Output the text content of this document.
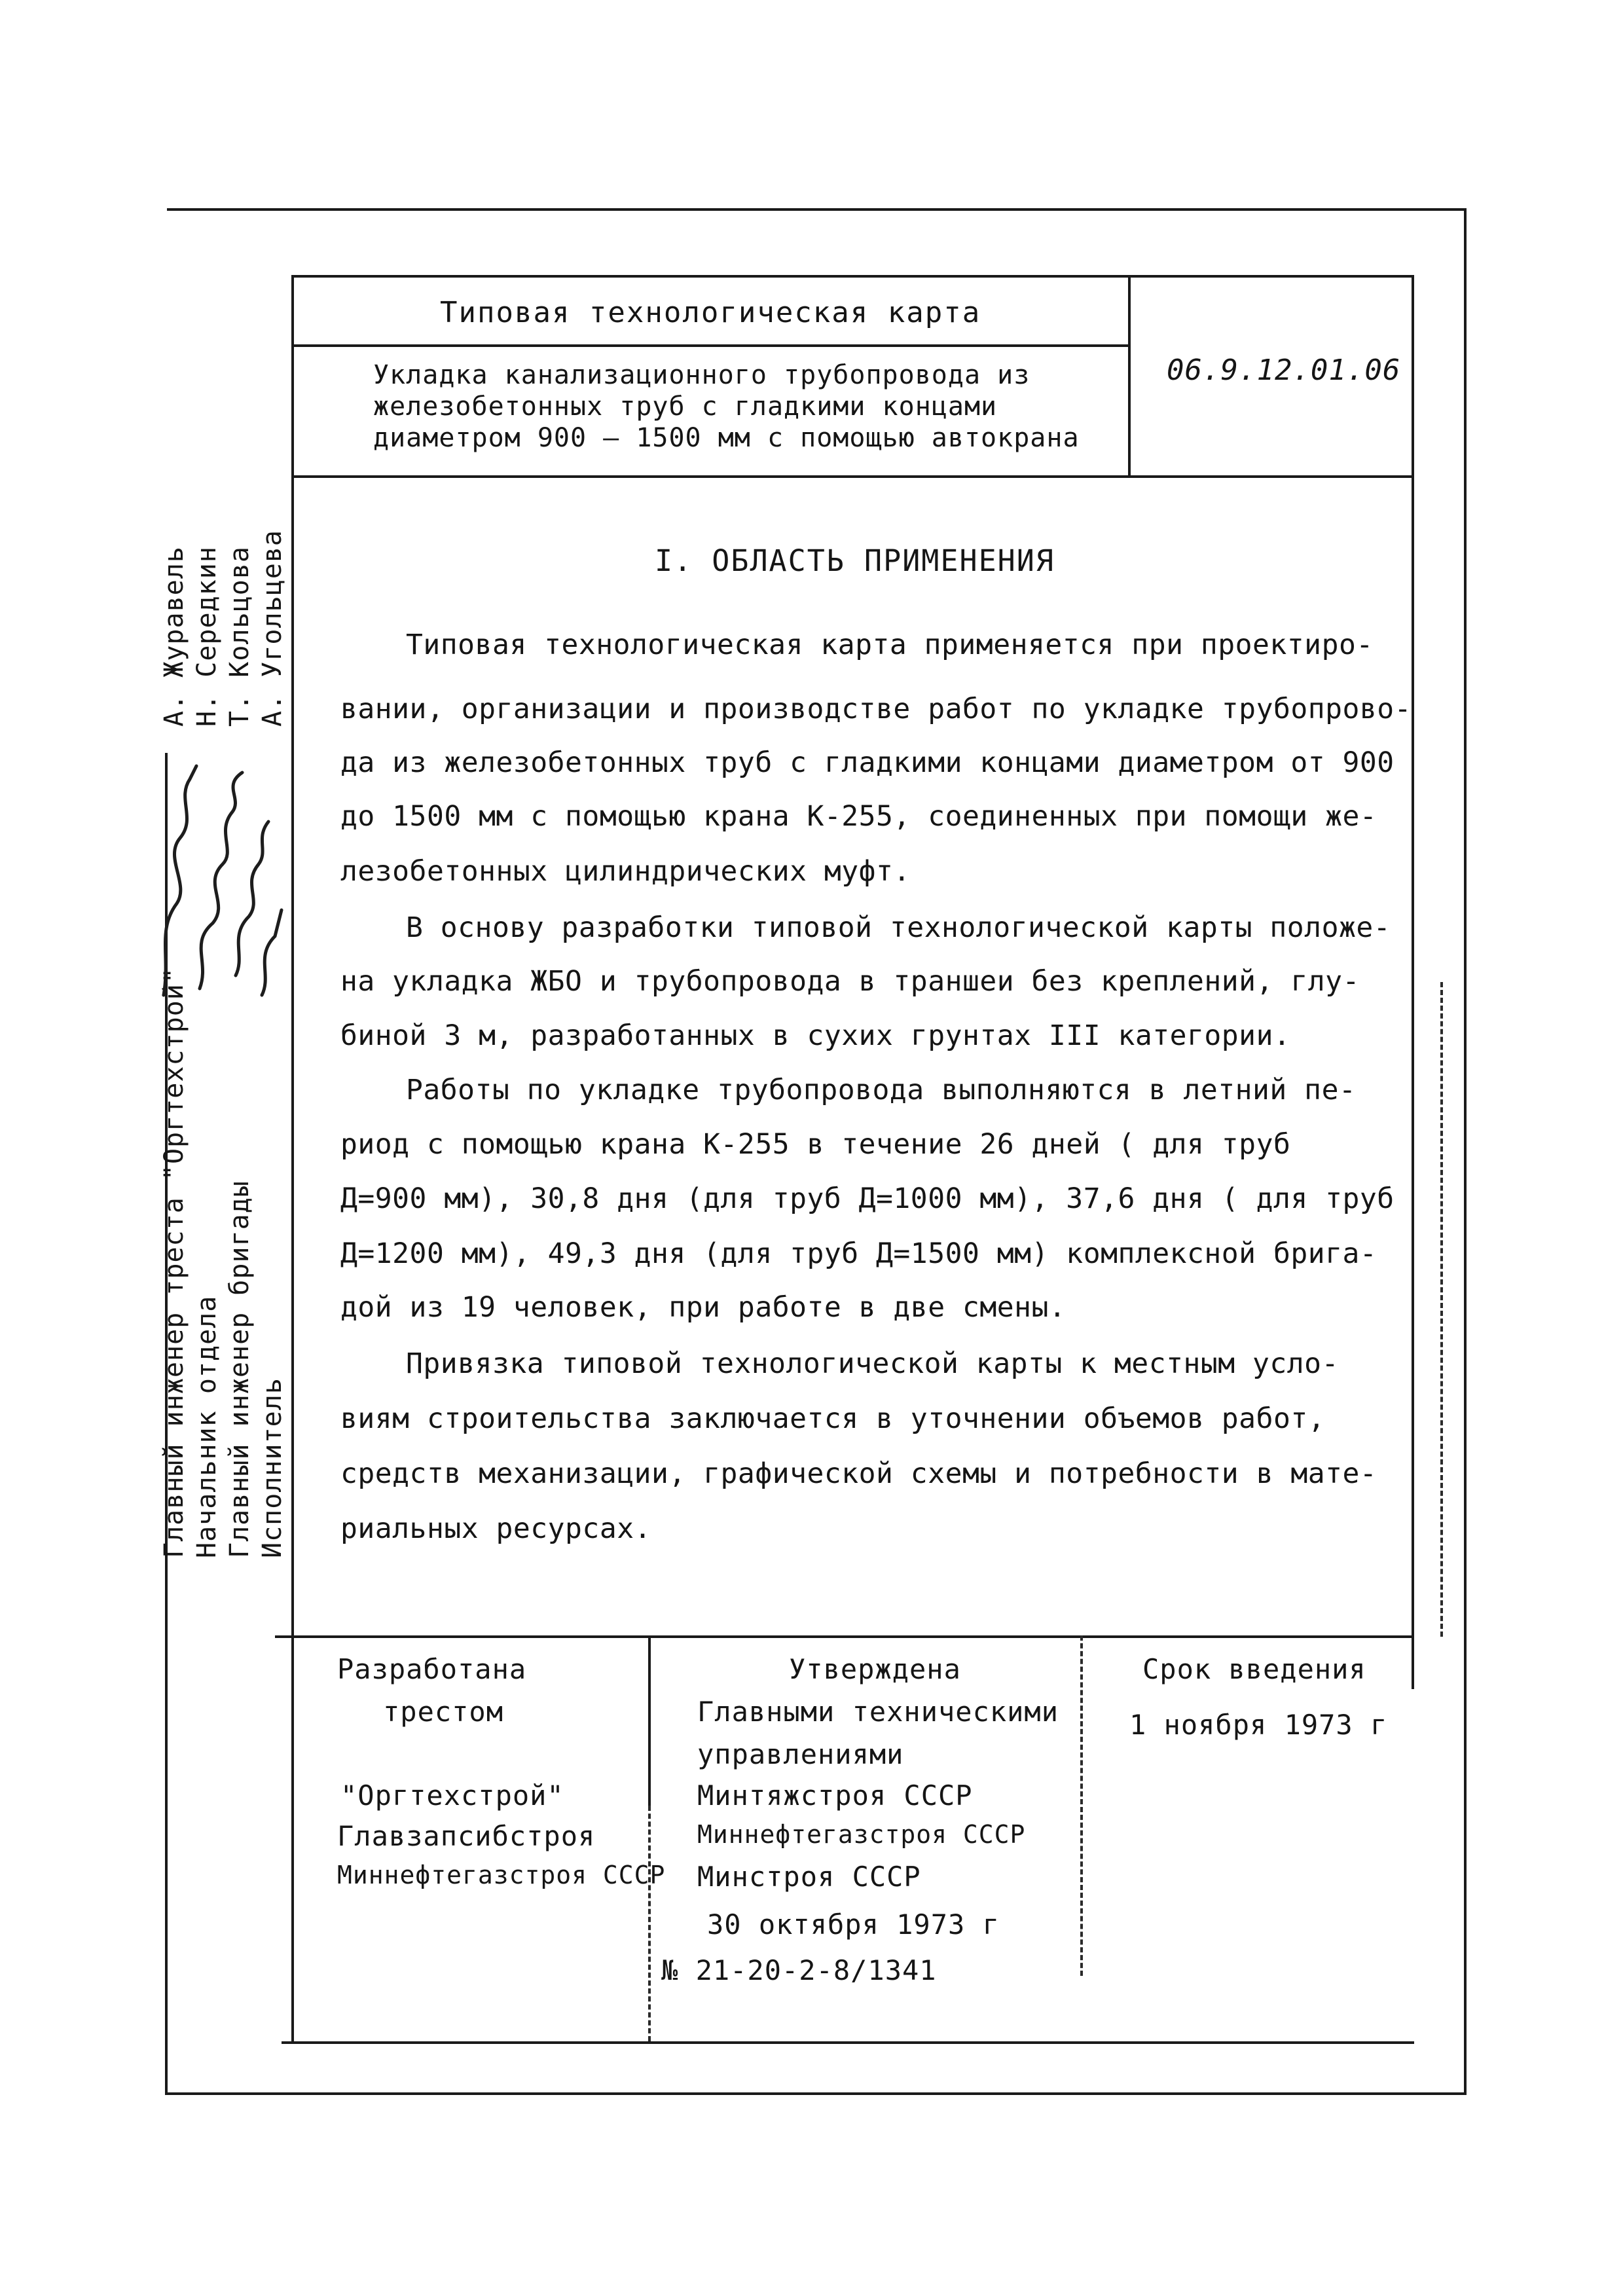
Типовая технологическая карта
Укладка канализационного трубопровода из
железобетонных труб с гладкими концами
диаметром 900 — 1500 мм с помощью автокрана
06.9.12.01.06
I. ОБЛАСТЬ ПРИМЕНЕНИЯ
Типовая технологическая карта применяется при проектиро-
вании, организации и производстве работ по укладке трубопрово-
да из железобетонных труб с гладкими концами диаметром от 900
до 1500 мм с помощью крана К-255, соединенных при помощи же-
лезобетонных цилиндрических муфт.
В основу разработки типовой технологической карты положе-
на укладка ЖБО и трубопровода в траншеи без креплений, глу-
биной 3 м, разработанных в сухих грунтах III категории.
Работы по укладке трубопровода выполняются в летний пе-
риод с помощью крана К-255 в течение 26 дней ( для труб
Д=900 мм), 30,8 дня (для труб Д=1000 мм), 37,6 дня ( для труб
Д=1200 мм), 49,3 дня (для труб Д=1500 мм) комплексной брига-
дой из 19 человек, при работе в две смены.
Привязка типовой технологической карты к местным усло-
виям строительства заключается в уточнении объемов работ,
средств механизации, графической схемы и потребности в мате-
риальных ресурсах.
Главный инженер треста "Оргтехстрой" Начальник отдела Главный инженер бригады Исполнитель
А. Журавель Н. Середкин Т. Кольцова А. Угольцева
Разработана
трестом
"Оргтехстрой"
Главзапсибстроя
Миннефтегазстроя СССР
Утверждена
Главными техническими
управлениями
Минтяжстроя СССР
Миннефтегазстроя СССР
Минстроя СССР
30 октября 1973 г
№ 21-20-2-8/1341
Срок введения
1 ноября 1973 г
